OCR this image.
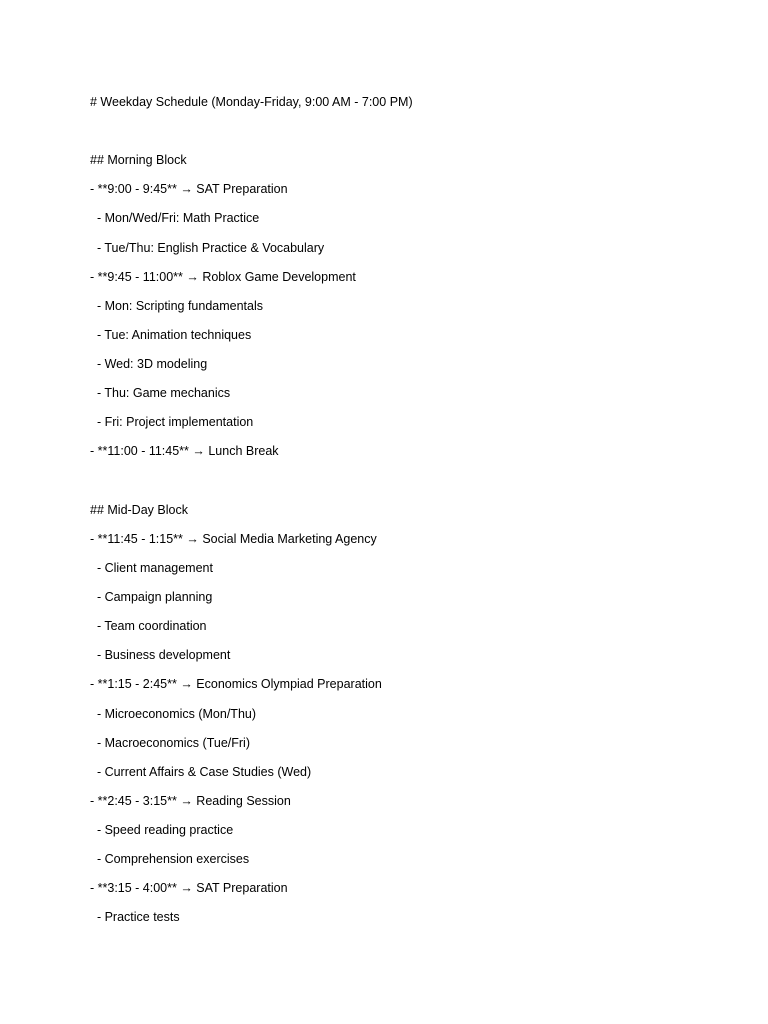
# Weekday Schedule (Monday-Friday, 9:00 AM - 7:00 PM)
## Morning Block
- **9:00 - 9:45** → SAT Preparation
- Mon/Wed/Fri: Math Practice
- Tue/Thu: English Practice & Vocabulary
- **9:45 - 11:00** → Roblox Game Development
- Mon: Scripting fundamentals
- Tue: Animation techniques
- Wed: 3D modeling
- Thu: Game mechanics
- Fri: Project implementation
- **11:00 - 11:45** → Lunch Break
## Mid-Day Block
- **11:45 - 1:15** → Social Media Marketing Agency
- Client management
- Campaign planning
- Team coordination
- Business development
- **1:15 - 2:45** → Economics Olympiad Preparation
- Microeconomics (Mon/Thu)
- Macroeconomics (Tue/Fri)
- Current Affairs & Case Studies (Wed)
- **2:45 - 3:15** → Reading Session
- Speed reading practice
- Comprehension exercises
- **3:15 - 4:00** → SAT Preparation
- Practice tests
